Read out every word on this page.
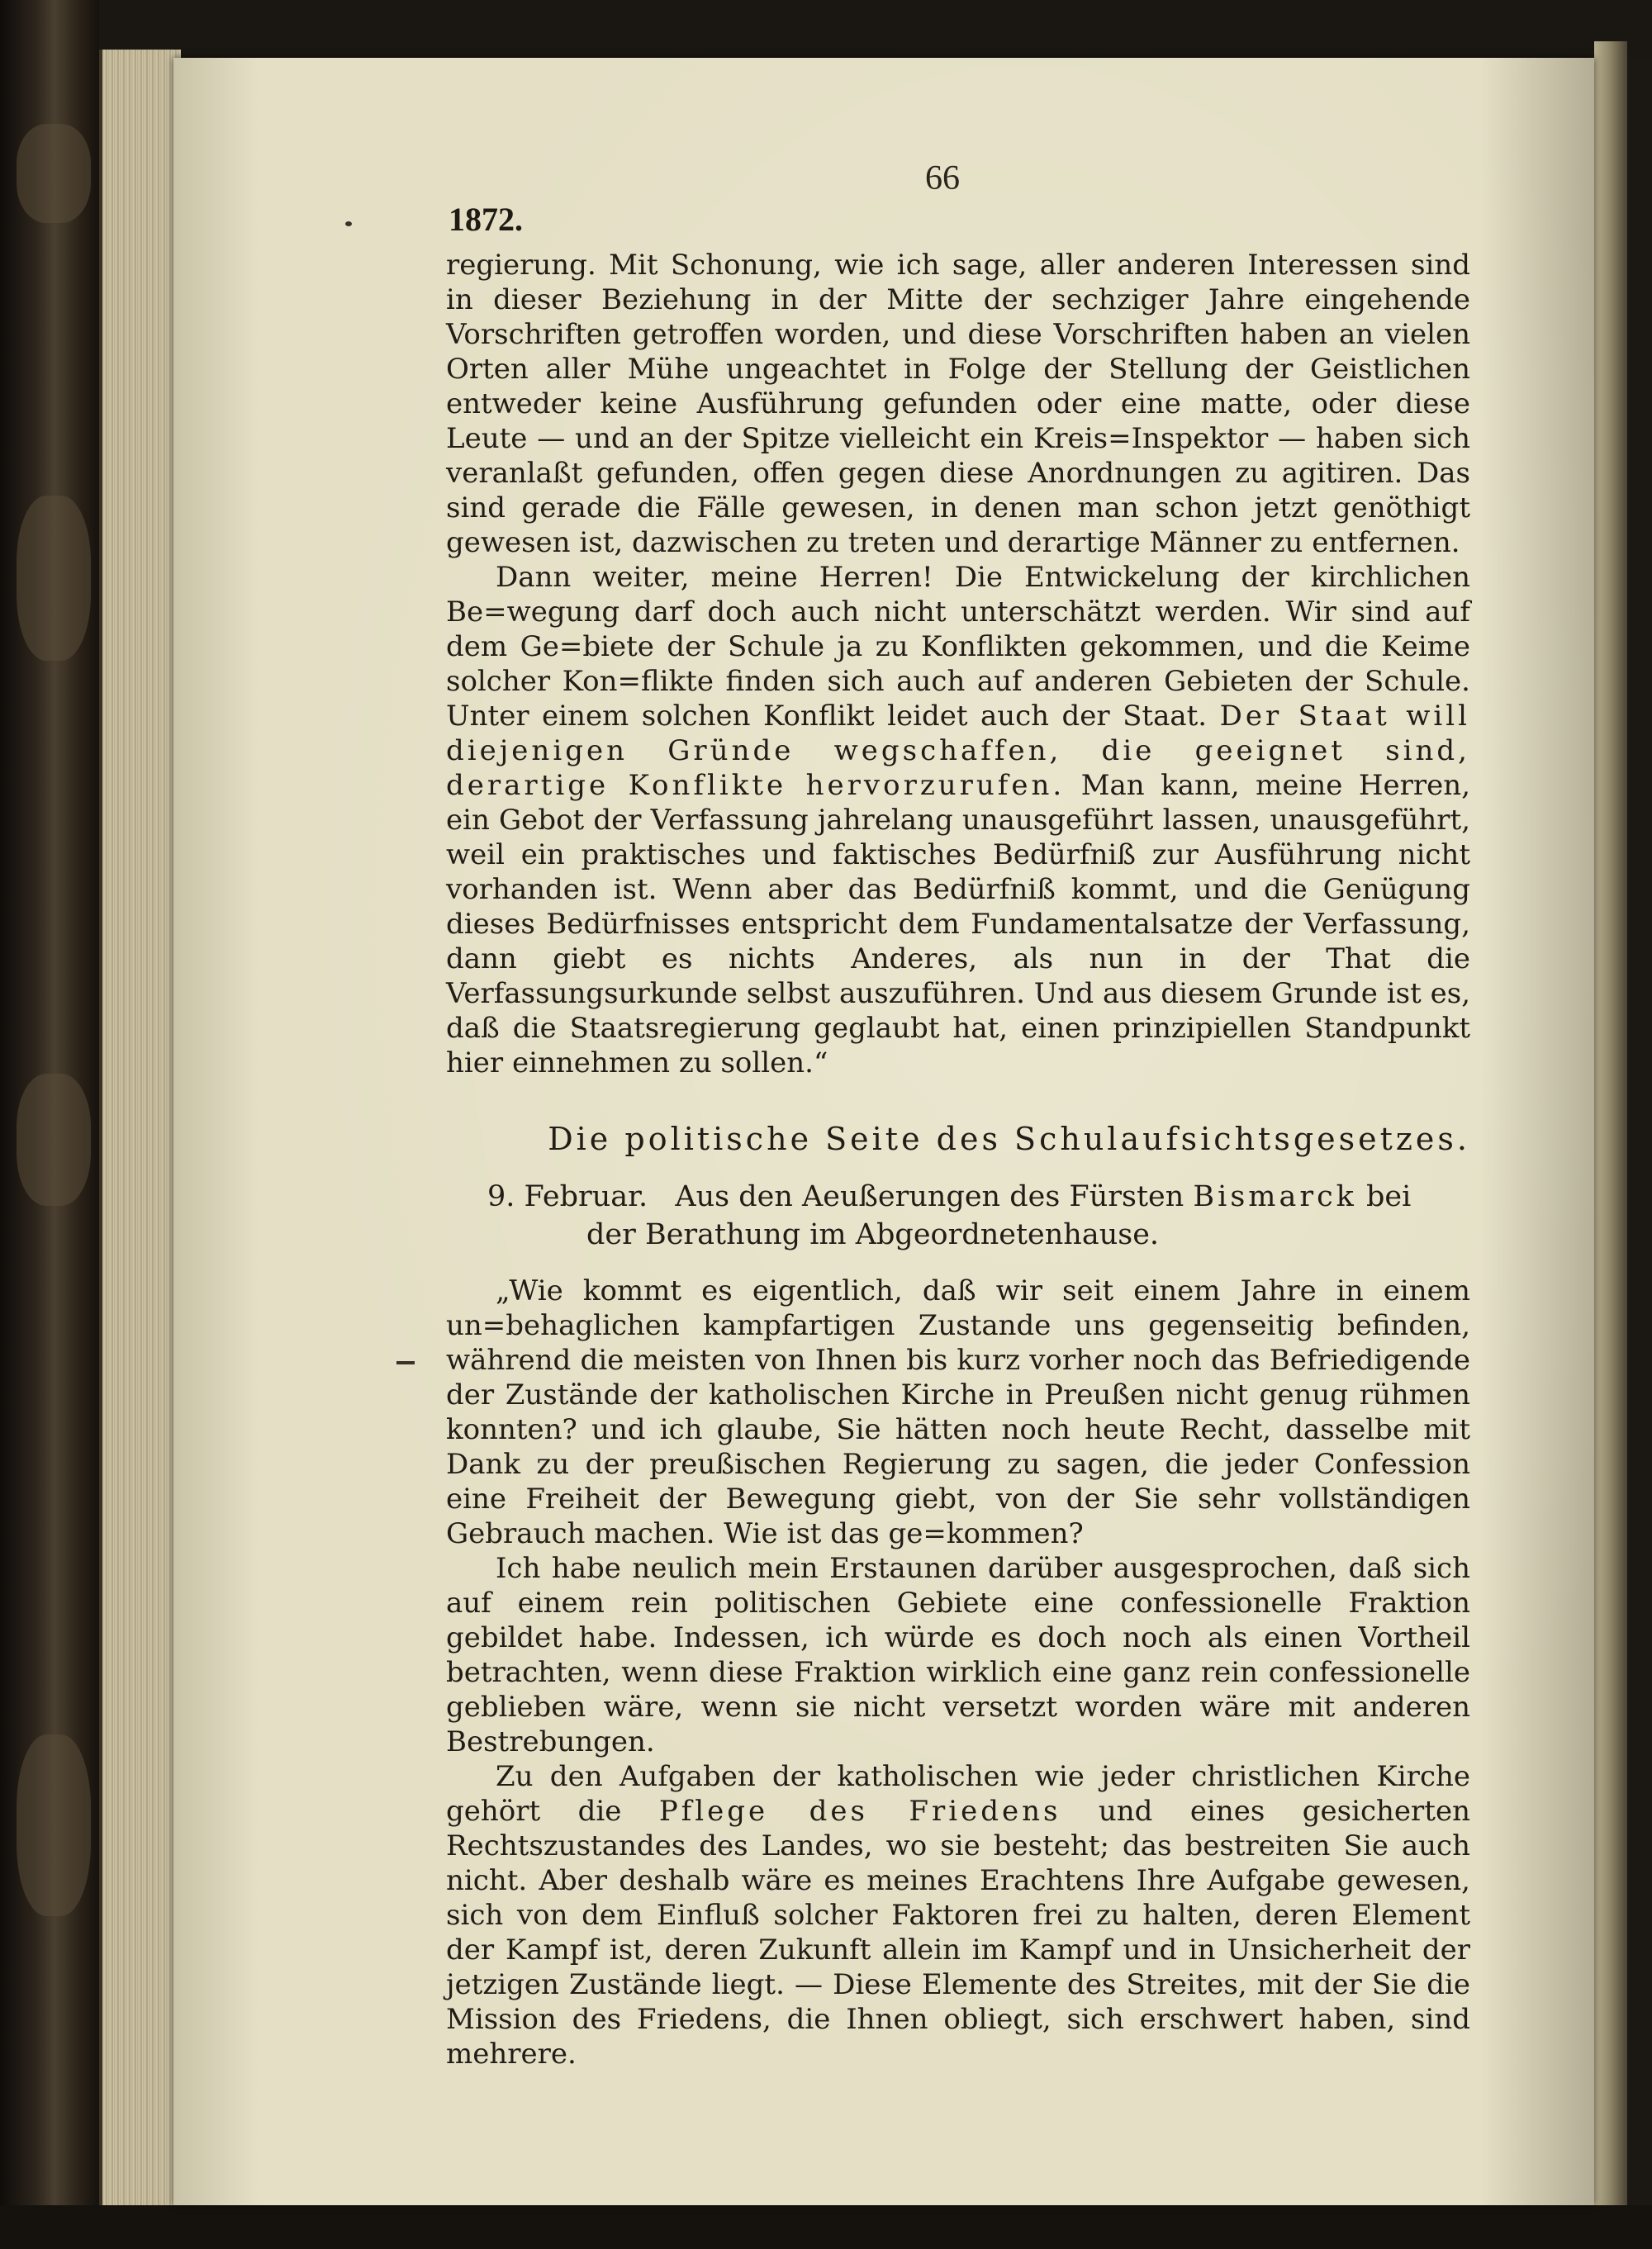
66
1872.

regierung. Mit Schonung, wie ich sage, aller anderen Interessen sind in dieser Beziehung in der Mitte der sechziger Jahre eingehende Vorschriften getroffen worden, und diese Vorschriften haben an vielen Orten aller Mühe ungeachtet in Folge der Stellung der Geistlichen entweder keine Ausführung gefunden oder eine matte, oder diese Leute — und an der Spitze vielleicht ein Kreis=Inspektor — haben sich veranlaßt gefunden, offen gegen diese Anordnungen zu agitiren. Das sind gerade die Fälle gewesen, in denen man schon jetzt genöthigt gewesen ist, dazwischen zu treten und derartige Männer zu entfernen.

Dann weiter, meine Herren! Die Entwickelung der kirchlichen Be=wegung darf doch auch nicht unterschätzt werden. Wir sind auf dem Ge=biete der Schule ja zu Konflikten gekommen, und die Keime solcher Kon=flikte finden sich auch auf anderen Gebieten der Schule. Unter einem solchen Konflikt leidet auch der Staat. Der Staat will diejenigen Gründe wegschaffen, die geeignet sind, derartige Konflikte hervorzurufen. Man kann, meine Herren, ein Gebot der Verfassung jahrelang unausgeführt lassen, unausgeführt, weil ein praktisches und faktisches Bedürfniß zur Ausführung nicht vorhanden ist. Wenn aber das Bedürfniß kommt, und die Genügung dieses Bedürfnisses entspricht dem Fundamentalsatze der Verfassung, dann giebt es nichts Anderes, als nun in der That die Verfassungsurkunde selbst auszuführen. Und aus diesem Grunde ist es, daß die Staatsregierung geglaubt hat, einen prinzipiellen Standpunkt hier einnehmen zu sollen.“

Die politische Seite des Schulaufsichtsgesetzes.

9. Februar. Aus den Aeußerungen des Fürsten Bismarck bei
der Berathung im Abgeordnetenhause.

„Wie kommt es eigentlich, daß wir seit einem Jahre in einem un=behaglichen kampfartigen Zustande uns gegenseitig befinden, während die meisten von Ihnen bis kurz vorher noch das Befriedigende der Zustände der katholischen Kirche in Preußen nicht genug rühmen konnten? und ich glaube, Sie hätten noch heute Recht, dasselbe mit Dank zu der preußischen Regierung zu sagen, die jeder Confession eine Freiheit der Bewegung giebt, von der Sie sehr vollständigen Gebrauch machen. Wie ist das ge=kommen?

Ich habe neulich mein Erstaunen darüber ausgesprochen, daß sich auf einem rein politischen Gebiete eine confessionelle Fraktion gebildet habe. Indessen, ich würde es doch noch als einen Vortheil betrachten, wenn diese Fraktion wirklich eine ganz rein confessionelle geblieben wäre, wenn sie nicht versetzt worden wäre mit anderen Bestrebungen.

Zu den Aufgaben der katholischen wie jeder christlichen Kirche gehört die Pflege des Friedens und eines gesicherten Rechtszustandes des Landes, wo sie besteht; das bestreiten Sie auch nicht. Aber deshalb wäre es meines Erachtens Ihre Aufgabe gewesen, sich von dem Einfluß solcher Faktoren frei zu halten, deren Element der Kampf ist, deren Zukunft allein im Kampf und in Unsicherheit der jetzigen Zustände liegt. — Diese Elemente des Streites, mit der Sie die Mission des Friedens, die Ihnen obliegt, sich erschwert haben, sind mehrere.
